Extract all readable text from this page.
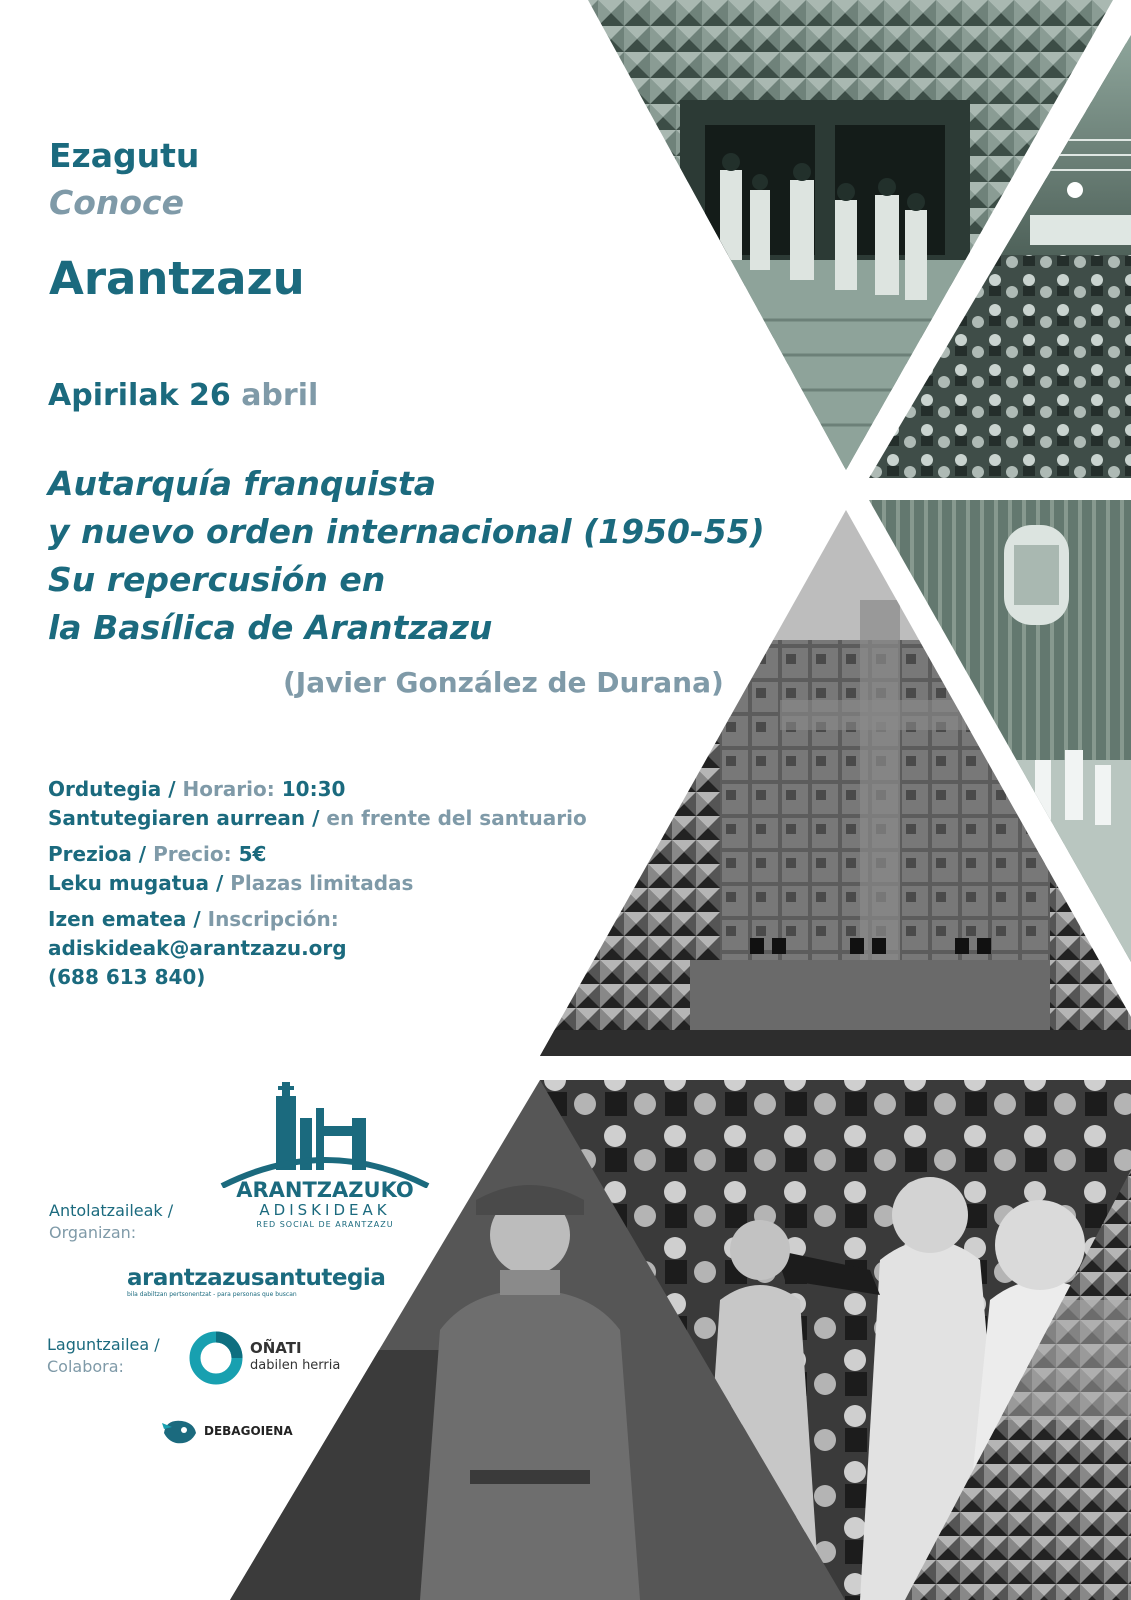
Ezagutu
Conoce
Arantzazu
Apirilak 26 abril
Autarquía franquista
y nuevo orden internacional (1950-55)
Su repercusión en
la Basílica de Arantzazu
(Javier González de Durana)
Ordutegia / Horario: 10:30
Santutegiaren aurrean / en frente del santuario
Prezioa / Precio: 5€
Leku mugatua / Plazas limitadas
Izen ematea / Inscripción:
adiskideak@arantzazu.org
(688 613 840)
Antolatzaileak /
Organizan:
ARANTZAZUKO
ADISKIDEAK
RED SOCIAL DE ARANTZAZU
arantzazusantutegia
bila dabiltzan pertsonentzat - para personas que buscan
Laguntzailea /
Colabora:
OÑATI
dabilen herria
DEBAGOIENA
